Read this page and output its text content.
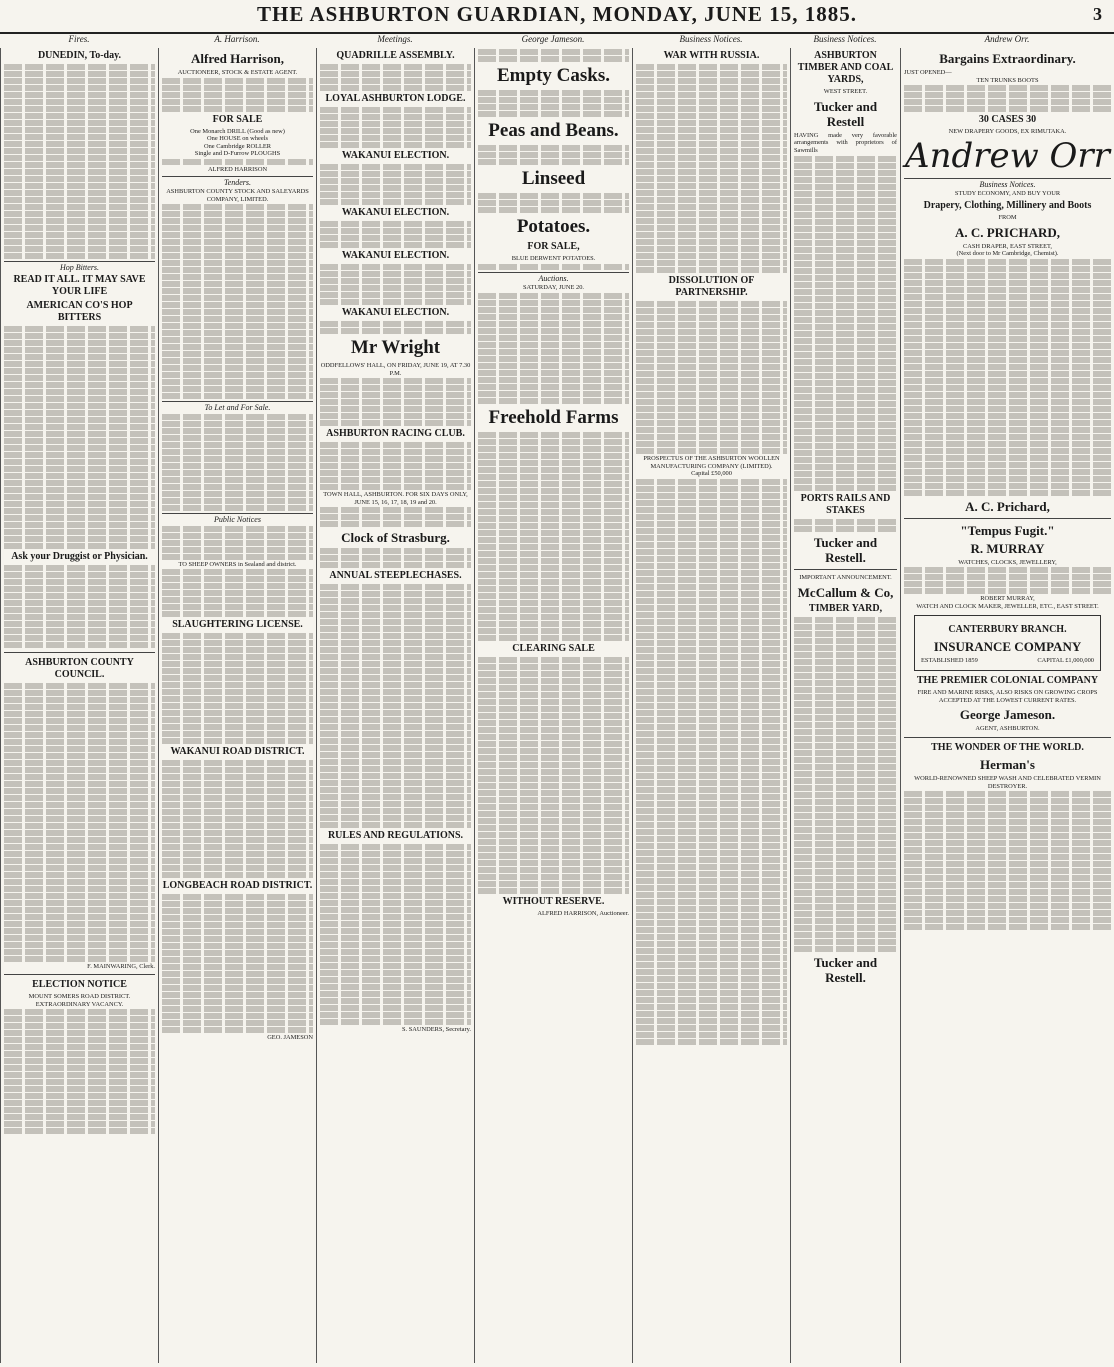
THE ASHBURTON GUARDIAN, MONDAY, JUNE 15, 1885.	3
Fires.	A. Harrison.	Meetings.	George Jameson.	Business Notices.	Business Notices.	Andrew Orr.
DUNEDIN, To-day.
Hop Bitters.
READ IT ALL. IT MAY SAVE YOUR LIFE
AMERICAN CO'S HOP BITTERS
Ask your Druggist or Physician.
ASHBURTON COUNTY COUNCIL.
F. MAINWARING, Clerk.
ELECTION NOTICE
MOUNT SOMERS ROAD DISTRICT. EXTRAORDINARY VACANCY.
Alfred Harrison,
AUCTIONEER, STOCK & ESTATE AGENT.
FOR SALE
One Monarch DRILL (Good as new)
One HOUSE on wheels
One Cambridge ROLLER
Single and D-Furrow PLOUGHS
ALFRED HARRISON
Tenders.
ASHBURTON COUNTY STOCK AND SALEYARDS COMPANY, LIMITED.
To Let and For Sale.
Public Notices
TO SHEEP OWNERS in Sealand and district.
SLAUGHTERING LICENSE.
WAKANUI ROAD DISTRICT.
LONGBEACH ROAD DISTRICT.
GEO. JAMESON
QUADRILLE ASSEMBLY.
LOYAL ASHBURTON LODGE.
WAKANUI ELECTION.
WAKANUI ELECTION.
WAKANUI ELECTION.
WAKANUI ELECTION.
Mr Wright
ODDFELLOWS' HALL, ON FRIDAY, JUNE 19, AT 7.30 P.M.
ASHBURTON RACING CLUB.
TOWN HALL, ASHBURTON. FOR SIX DAYS ONLY, JUNE 15, 16, 17, 18, 19 and 20.
Clock of Strasburg.
ANNUAL STEEPLECHASES.
RULES AND REGULATIONS.
S. SAUNDERS, Secretary.
Empty Casks.
Peas and Beans.
Linseed
Potatoes.
FOR SALE,
BLUE DERWENT POTATOES.
Auctions.
SATURDAY, JUNE 20.
Freehold Farms
CLEARING SALE
WITHOUT RESERVE.
ALFRED HARRISON, Auctioneer.
WAR WITH RUSSIA.
DISSOLUTION OF PARTNERSHIP.
PROSPECTUS OF THE ASHBURTON WOOLLEN MANUFACTURING COMPANY (LIMITED).
Capital £50,000
ASHBURTON TIMBER AND COAL YARDS,
WEST STREET.
Tucker and Restell
HAVING made very favorable arrangements with proprietors of Sawmills
PORTS RAILS AND STAKES
Tucker and Restell.
IMPORTANT ANNOUNCEMENT.
McCallum & Co,
TIMBER YARD,
Tucker and Restell.
Bargains Extraordinary.
JUST OPENED—
TEN TRUNKS BOOTS
30 CASES 30
NEW DRAPERY GOODS, EX RIMUTAKA.
Andrew Orr
Business Notices.
STUDY ECONOMY, AND BUY YOUR
Drapery, Clothing, Millinery and Boots
FROM
A. C. PRICHARD,
CASH DRAPER, EAST STREET,
(Next door to Mr Cambridge, Chemist).
A. C. Prichard,
"Tempus Fugit."
R. MURRAY
WATCHES, CLOCKS, JEWELLERY,
ROBERT MURRAY,
WATCH AND CLOCK MAKER, JEWELLER, ETC., EAST STREET.
CANTERBURY BRANCH.
INSURANCE COMPANY
ESTABLISHED 1859	CAPITAL £1,000,000
THE PREMIER COLONIAL COMPANY
FIRE AND MARINE RISKS, ALSO RISKS ON GROWING CROPS ACCEPTED AT THE LOWEST CURRENT RATES.
George Jameson.
AGENT, ASHBURTON.
THE WONDER OF THE WORLD.
Herman's
WORLD-RENOWNED SHEEP WASH AND CELEBRATED VERMIN DESTROYER.
